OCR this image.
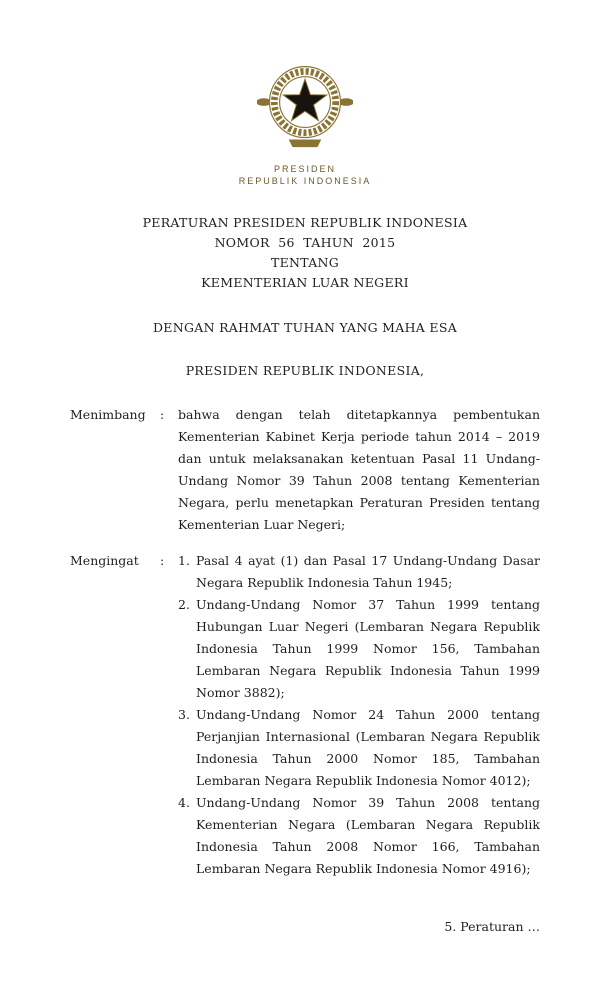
PRESIDEN
REPUBLIK INDONESIA
PERATURAN PRESIDEN REPUBLIK INDONESIA
NOMOR  56  TAHUN  2015
TENTANG
KEMENTERIAN LUAR NEGERI
DENGAN RAHMAT TUHAN YANG MAHA ESA
PRESIDEN REPUBLIK INDONESIA,
Menimbang	:	bahwa dengan telah ditetapkannya pembentukan Kementerian Kabinet Kerja periode tahun 2014 – 2019 dan untuk melaksanakan ketentuan Pasal 11 Undang-Undang Nomor 39 Tahun 2008 tentang Kementerian Negara, perlu menetapkan Peraturan Presiden tentang Kementerian Luar Negeri;
Mengingat	:	1. Pasal 4 ayat (1) dan Pasal 17 Undang-Undang Dasar Negara Republik Indonesia Tahun 1945;
2. Undang-Undang Nomor 37 Tahun 1999 tentang Hubungan Luar Negeri (Lembaran Negara Republik Indonesia Tahun 1999 Nomor 156, Tambahan Lembaran Negara Republik Indonesia Tahun 1999 Nomor 3882);
3. Undang-Undang Nomor 24 Tahun 2000 tentang Perjanjian Internasional (Lembaran Negara Republik Indonesia Tahun 2000 Nomor 185, Tambahan Lembaran Negara Republik Indonesia Nomor 4012);
4. Undang-Undang Nomor 39 Tahun 2008 tentang Kementerian Negara (Lembaran Negara Republik Indonesia Tahun 2008 Nomor 166, Tambahan Lembaran Negara Republik Indonesia Nomor 4916);
5. Peraturan …
